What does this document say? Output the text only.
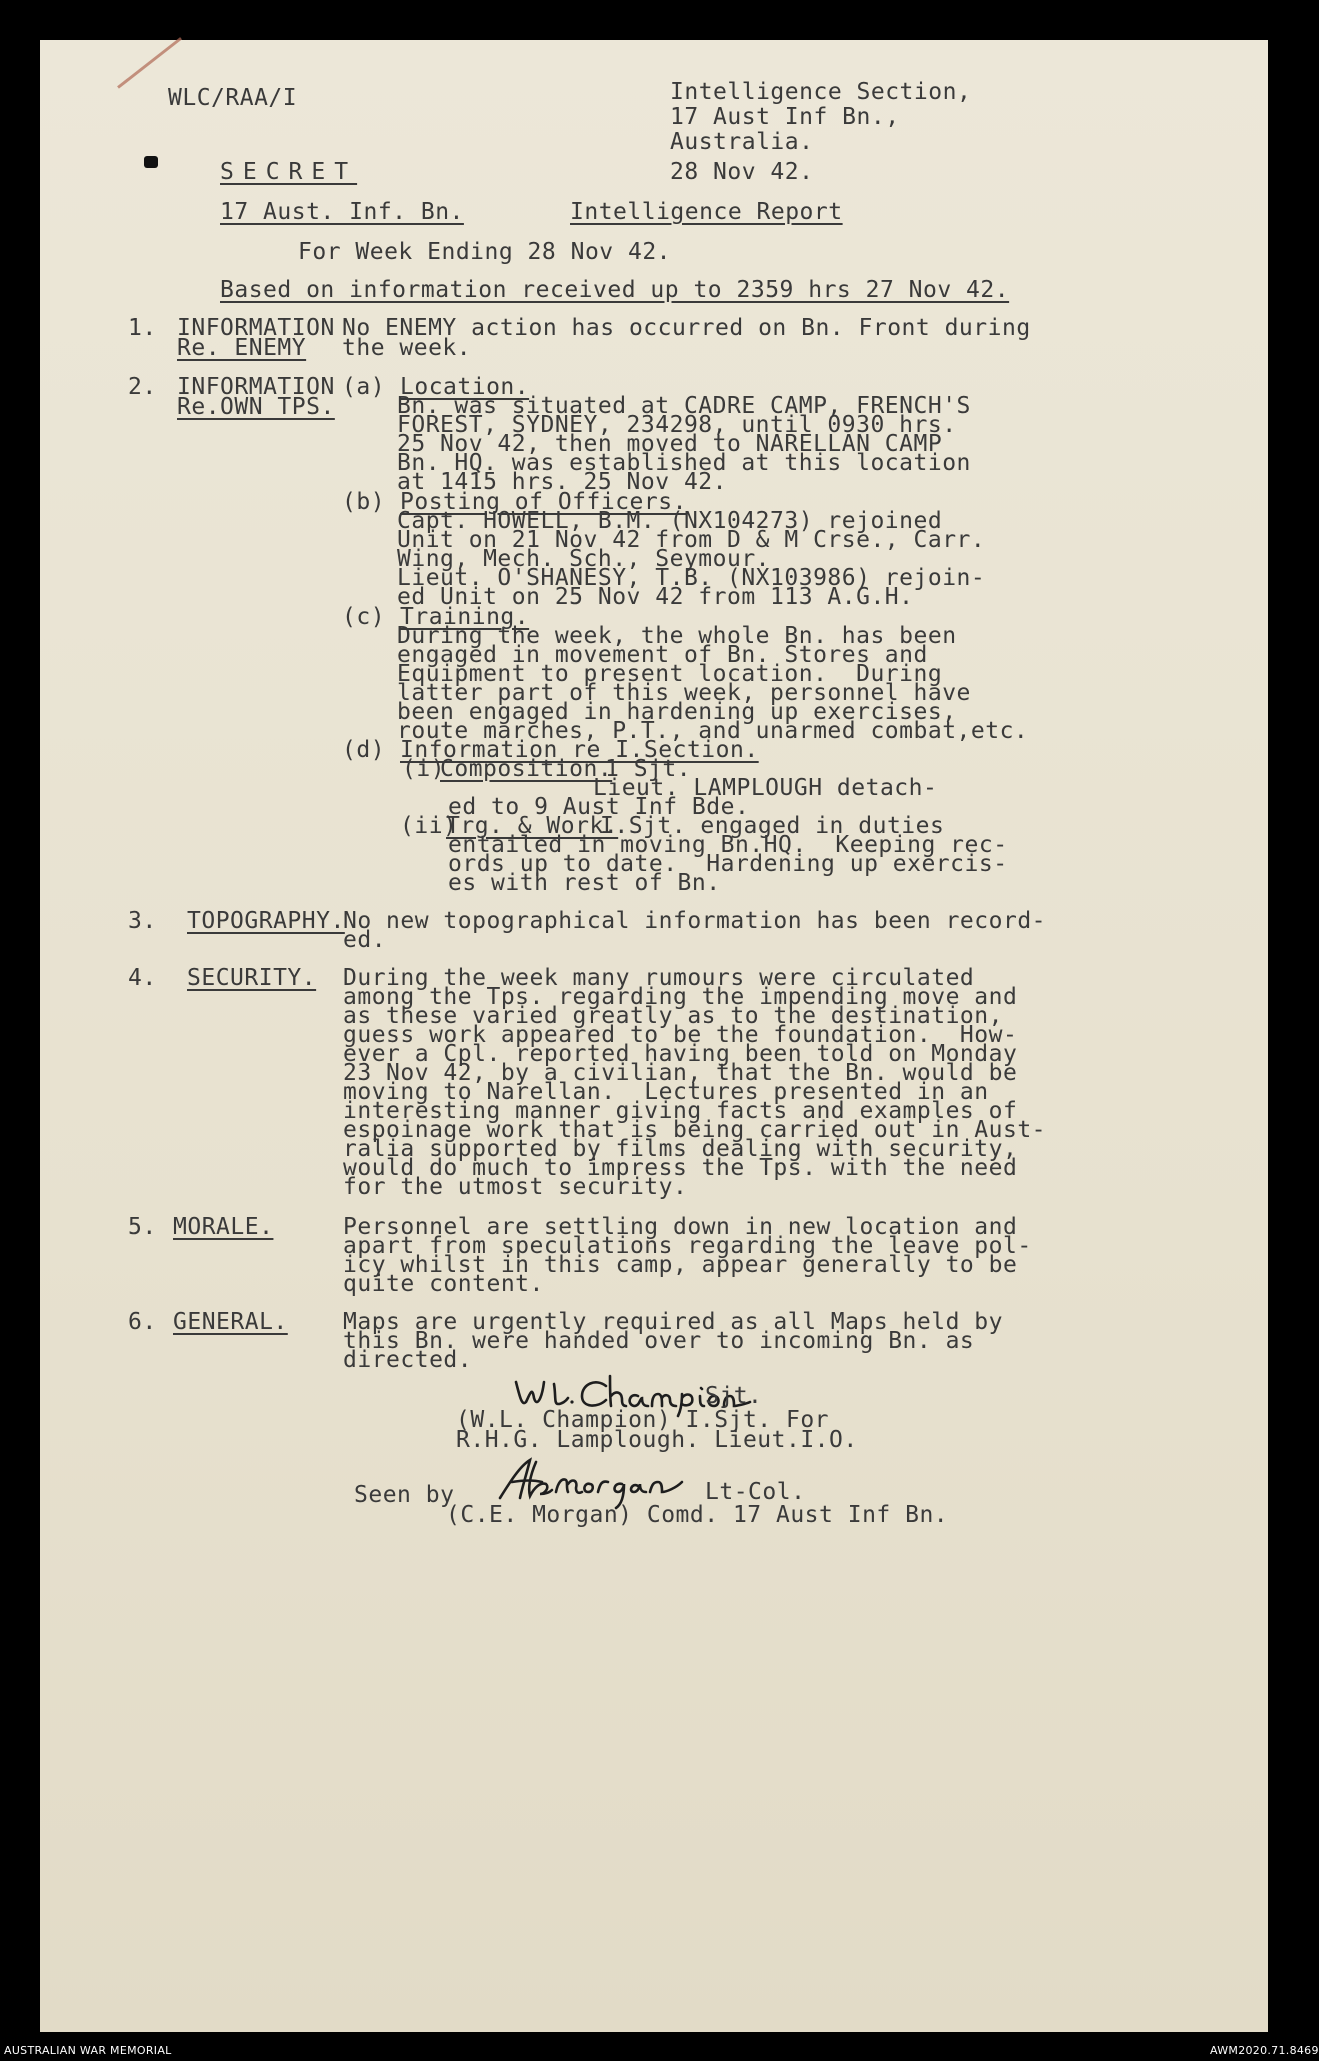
WLC/RAA/I	Intelligence Section,
17 Aust Inf Bn.,
Australia.
SECRET	28 Nov 42.
17 Aust. Inf. Bn.	Intelligence Report
For Week Ending 28 Nov 42.
Based on information received up to 2359 hrs 27 Nov 42.
1. INFORMATION
Re. ENEMY
No ENEMY action has occurred on Bn. Front during
the week.
2. INFORMATION
Re.OWN TPS.
(a) Location.
Bn. was situated at CADRE CAMP, FRENCH'S
FOREST, SYDNEY, 234298, until 0930 hrs.
25 Nov 42, then moved to NARELLAN CAMP
Bn. HQ. was established at this location
at 1415 hrs. 25 Nov 42.
(b) Posting of Officers.
Capt. HOWELL, B.M. (NX104273) rejoined
Unit on 21 Nov 42 from D & M Crse., Carr.
Wing, Mech. Sch., Seymour.
Lieut. O'SHANESY, T.B. (NX103986) rejoin-
ed Unit on 25 Nov 42 from 113 A.G.H.
(c) Training.
During the week, the whole Bn. has been
engaged in movement of Bn. Stores and
Equipment to present location.  During
latter part of this week, personnel have
been engaged in hardening up exercises,
route marches, P.T., and unarmed combat,etc.
(d) Information re I.Section.
(i)
Composition.
1 Sjt.
Lieut. LAMPLOUGH detach-
ed to 9 Aust Inf Bde.
(ii)
Trg. & Work.
I.Sjt. engaged in duties
entailed in moving Bn.HQ.  Keeping rec-
ords up to date.  Hardening up exercis-
es with rest of Bn.
3. TOPOGRAPHY.
No new topographical information has been record-
ed.
4. SECURITY. During the week many rumours were circulated
among the Tps. regarding the impending move and
as these varied greatly as to the destination,
guess work appeared to be the foundation.  How-
ever a Cpl. reported having been told on Monday
23 Nov 42, by a civilian, that the Bn. would be
moving to Narellan.  Lectures presented in an
interesting manner giving facts and examples of
espoinage work that is being carried out in Aust-
ralia supported by films dealing with security,
would do much to impress the Tps. with the need
for the utmost security.
5. MORALE.	Personnel are settling down in new location and
apart from speculations regarding the leave pol-
icy whilst in this camp, appear generally to be
quite content.
6. GENERAL. Maps are urgently required as all Maps held by
this Bn. were handed over to incoming Bn. as
directed.
Sjt.
(W.L. Champion) I.Sjt. For
R.H.G. Lamplough. Lieut.I.O.
Seen by	Lt-Col.
(C.E. Morgan) Comd. 17 Aust Inf Bn.
AUSTRALIAN WAR MEMORIAL	AWM2020.71.8469
